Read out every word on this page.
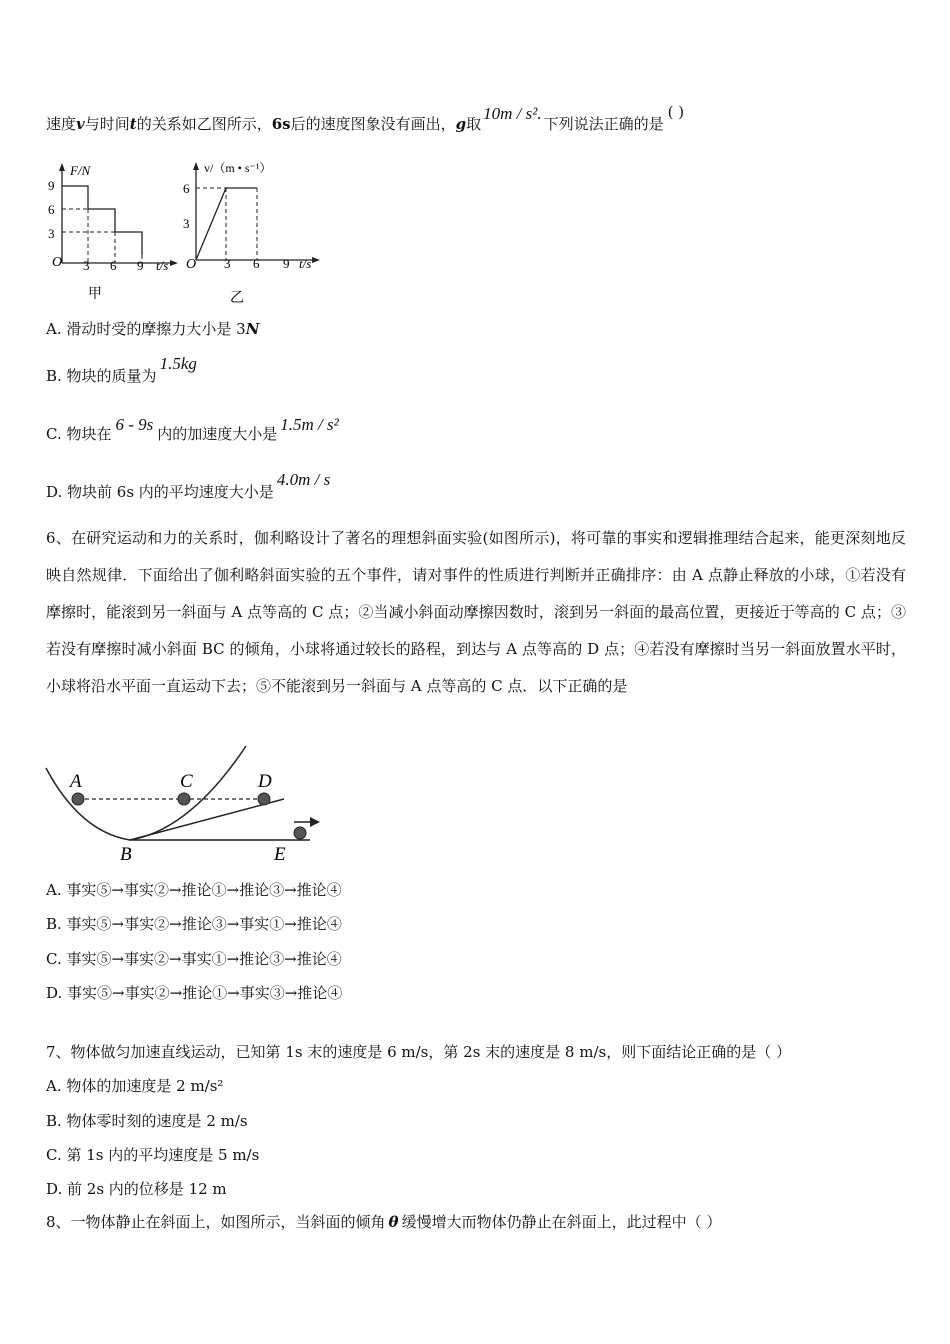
速度v与时间t的关系如乙图所示，6s后的速度图象没有画出，g取10m / s².下列说法正确的是( )
F/N
9
6
3
O 3 6 9 t/s
甲
v/（m • s⁻¹）
6
3
O 3 6 9 t/s
乙
A. 滑动时受的摩擦力大小是 3N
B. 物块的质量为1.5kg
C. 物块在 6 - 9s 内的加速度大小是 1.5m / s²
D. 物块前 6s 内的平均速度大小是4.0m / s
6、在研究运动和力的关系时，伽利略设计了著名的理想斜面实验(如图所示)，将可靠的事实和逻辑推理结合起来，能更深刻地反映自然规律．下面给出了伽利略斜面实验的五个事件，请对事件的性质进行判断并正确排序：由 A 点静止释放的小球，①若没有摩擦时，能滚到另一斜面与 A 点等高的 C 点；②当减小斜面动摩擦因数时，滚到另一斜面的最高位置，更接近于等高的 C 点；③若没有摩擦时减小斜面 BC 的倾角，小球将通过较长的路程，到达与 A 点等高的 D 点；④若没有摩擦时当另一斜面放置水平时，小球将沿水平面一直运动下去；⑤不能滚到另一斜面与 A 点等高的 C 点．以下正确的是
A	C	D
B	E
A. 事实⑤→事实②→推论①→推论③→推论④
B. 事实⑤→事实②→推论③→事实①→推论④
C. 事实⑤→事实②→事实①→推论③→推论④
D. 事实⑤→事实②→推论①→事实③→推论④
7、物体做匀加速直线运动，已知第 1s 末的速度是 6 m/s，第 2s 末的速度是 8 m/s，则下面结论正确的是（ ）
A. 物体的加速度是 2 m/s²
B. 物体零时刻的速度是 2 m/s
C. 第 1s 内的平均速度是 5 m/s
D. 前 2s 内的位移是 12 m
8、一物体静止在斜面上，如图所示，当斜面的倾角 θ 缓慢增大而物体仍静止在斜面上，此过程中（ ）
